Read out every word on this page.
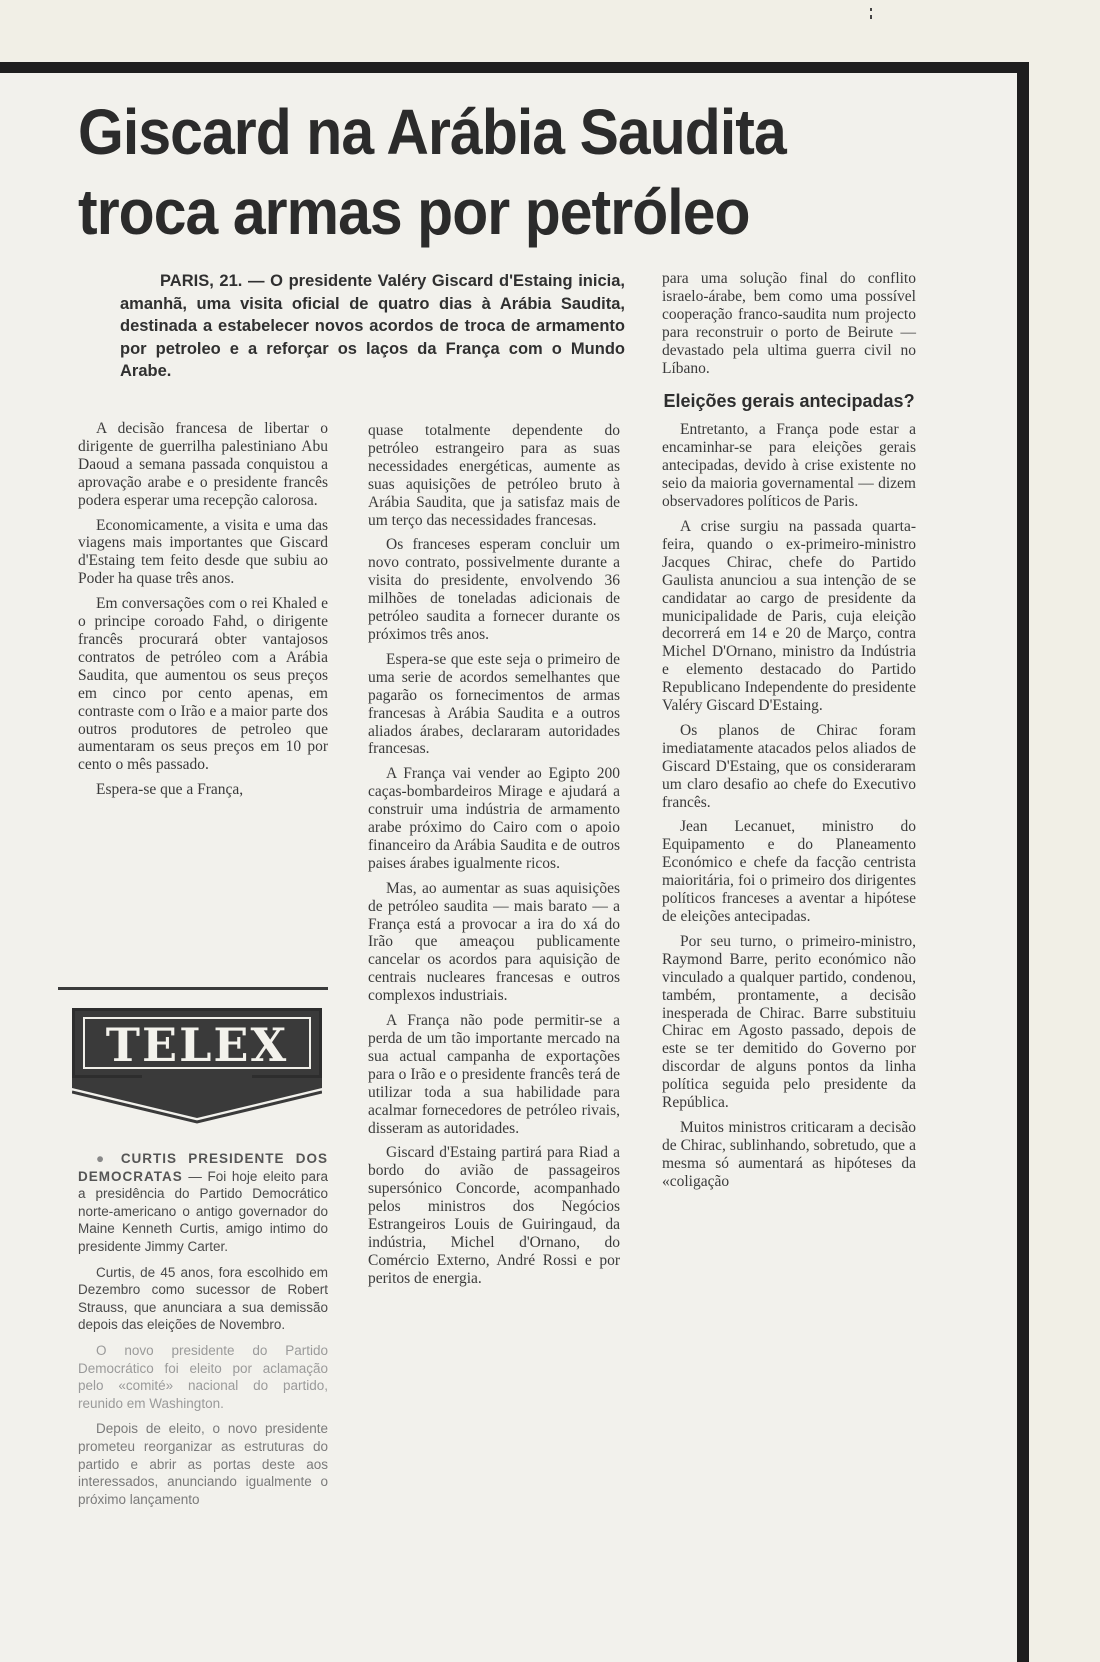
Giscard na Arábia Saudita
troca armas por petróleo

PARIS, 21. — O presidente Valéry Giscard d'Estaing inicia, amanhã, uma visita oficial de quatro dias à Arábia Saudita, destinada a estabelecer novos acordos de troca de armamento por petroleo e a reforçar os laços da França com o Mundo Arabe.

A decisão francesa de libertar o dirigente de guerrilha palestiniano Abu Daoud a semana passada conquistou a aprovação arabe e o presidente francês podera esperar uma recepção calorosa.

Economicamente, a visita e uma das viagens mais importantes que Giscard d'Estaing tem feito desde que subiu ao Poder ha quase três anos.

Em conversações com o rei Khaled e o principe coroado Fahd, o dirigente francês procurará obter vantajosos contratos de petróleo com a Arábia Saudita, que aumentou os seus preços em cinco por cento apenas, em contraste com o Irão e a maior parte dos outros produtores de petroleo que aumentaram os seus preços em 10 por cento o mês passado.

Espera-se que a França,

TELEX

● CURTIS PRESIDENTE DOS DEMOCRATAS — Foi hoje eleito para a presidência do Partido Democrático norte-americano o antigo governador do Maine Kenneth Curtis, amigo intimo do presidente Jimmy Carter.

Curtis, de 45 anos, fora escolhido em Dezembro como sucessor de Robert Strauss, que anunciara a sua demissão depois das eleições de Novembro.

O novo presidente do Partido Democrático foi eleito por aclamação pelo «comité» nacional do partido, reunido em Washington.

Depois de eleito, o novo presidente prometeu reorganizar as estruturas do partido e abrir as portas deste aos interessados, anunciando igualmente o próximo lançamento

quase totalmente dependente do petróleo estrangeiro para as suas necessidades energéticas, aumente as suas aquisições de petróleo bruto à Arábia Saudita, que ja satisfaz mais de um terço das necessidades francesas.

Os franceses esperam concluir um novo contrato, possivelmente durante a visita do presidente, envolvendo 36 milhões de toneladas adicionais de petróleo saudita a fornecer durante os próximos três anos.

Espera-se que este seja o primeiro de uma serie de acordos semelhantes que pagarão os fornecimentos de armas francesas à Arábia Saudita e a outros aliados árabes, declararam autoridades francesas.

A França vai vender ao Egipto 200 caças-bombardeiros Mirage e ajudará a construir uma indústria de armamento arabe próximo do Cairo com o apoio financeiro da Arábia Saudita e de outros paises árabes igualmente ricos.

Mas, ao aumentar as suas aquisições de petróleo saudita — mais barato — a França está a provocar a ira do xá do Irão que ameaçou publicamente cancelar os acordos para aquisição de centrais nucleares francesas e outros complexos industriais.

A França não pode permitir-se a perda de um tão importante mercado na sua actual campanha de exportações para o Irão e o presidente francês terá de utilizar toda a sua habilidade para acalmar fornecedores de petróleo rivais, disseram as autoridades.

Giscard d'Estaing partirá para Riad a bordo do avião de passageiros supersónico Concorde, acompanhado pelos ministros dos Negócios Estrangeiros Louis de Guiringaud, da indústria, Michel d'Ornano, do Comércio Externo, André Rossi e por peritos de energia.

para uma solução final do conflito israelo-árabe, bem como uma possível cooperação franco-saudita num projecto para reconstruir o porto de Beirute — devastado pela ultima guerra civil no Líbano.

Eleições gerais antecipadas?

Entretanto, a França pode estar a encaminhar-se para eleições gerais antecipadas, devido à crise existente no seio da maioria governamental — dizem observadores políticos de Paris.

A crise surgiu na passada quarta-feira, quando o ex-primeiro-ministro Jacques Chirac, chefe do Partido Gaulista anunciou a sua intenção de se candidatar ao cargo de presidente da municipalidade de Paris, cuja eleição decorrerá em 14 e 20 de Março, contra Michel D'Ornano, ministro da Indústria e elemento destacado do Partido Republicano Independente do presidente Valéry Giscard D'Estaing.

Os planos de Chirac foram imediatamente atacados pelos aliados de Giscard D'Estaing, que os consideraram um claro desafio ao chefe do Executivo francês.

Jean Lecanuet, ministro do Equipamento e do Planeamento Económico e chefe da facção centrista maioritária, foi o primeiro dos dirigentes políticos franceses a aventar a hipótese de eleições antecipadas.

Por seu turno, o primeiro-ministro, Raymond Barre, perito económico não vinculado a qualquer partido, condenou, também, prontamente, a decisão inesperada de Chirac. Barre substituiu Chirac em Agosto passado, depois de este se ter demitido do Governo por discordar de alguns pontos da linha política seguida pelo presidente da República.

Muitos ministros criticaram a decisão de Chirac, sublinhando, sobretudo, que a mesma só aumentará as hipóteses da «coligação
